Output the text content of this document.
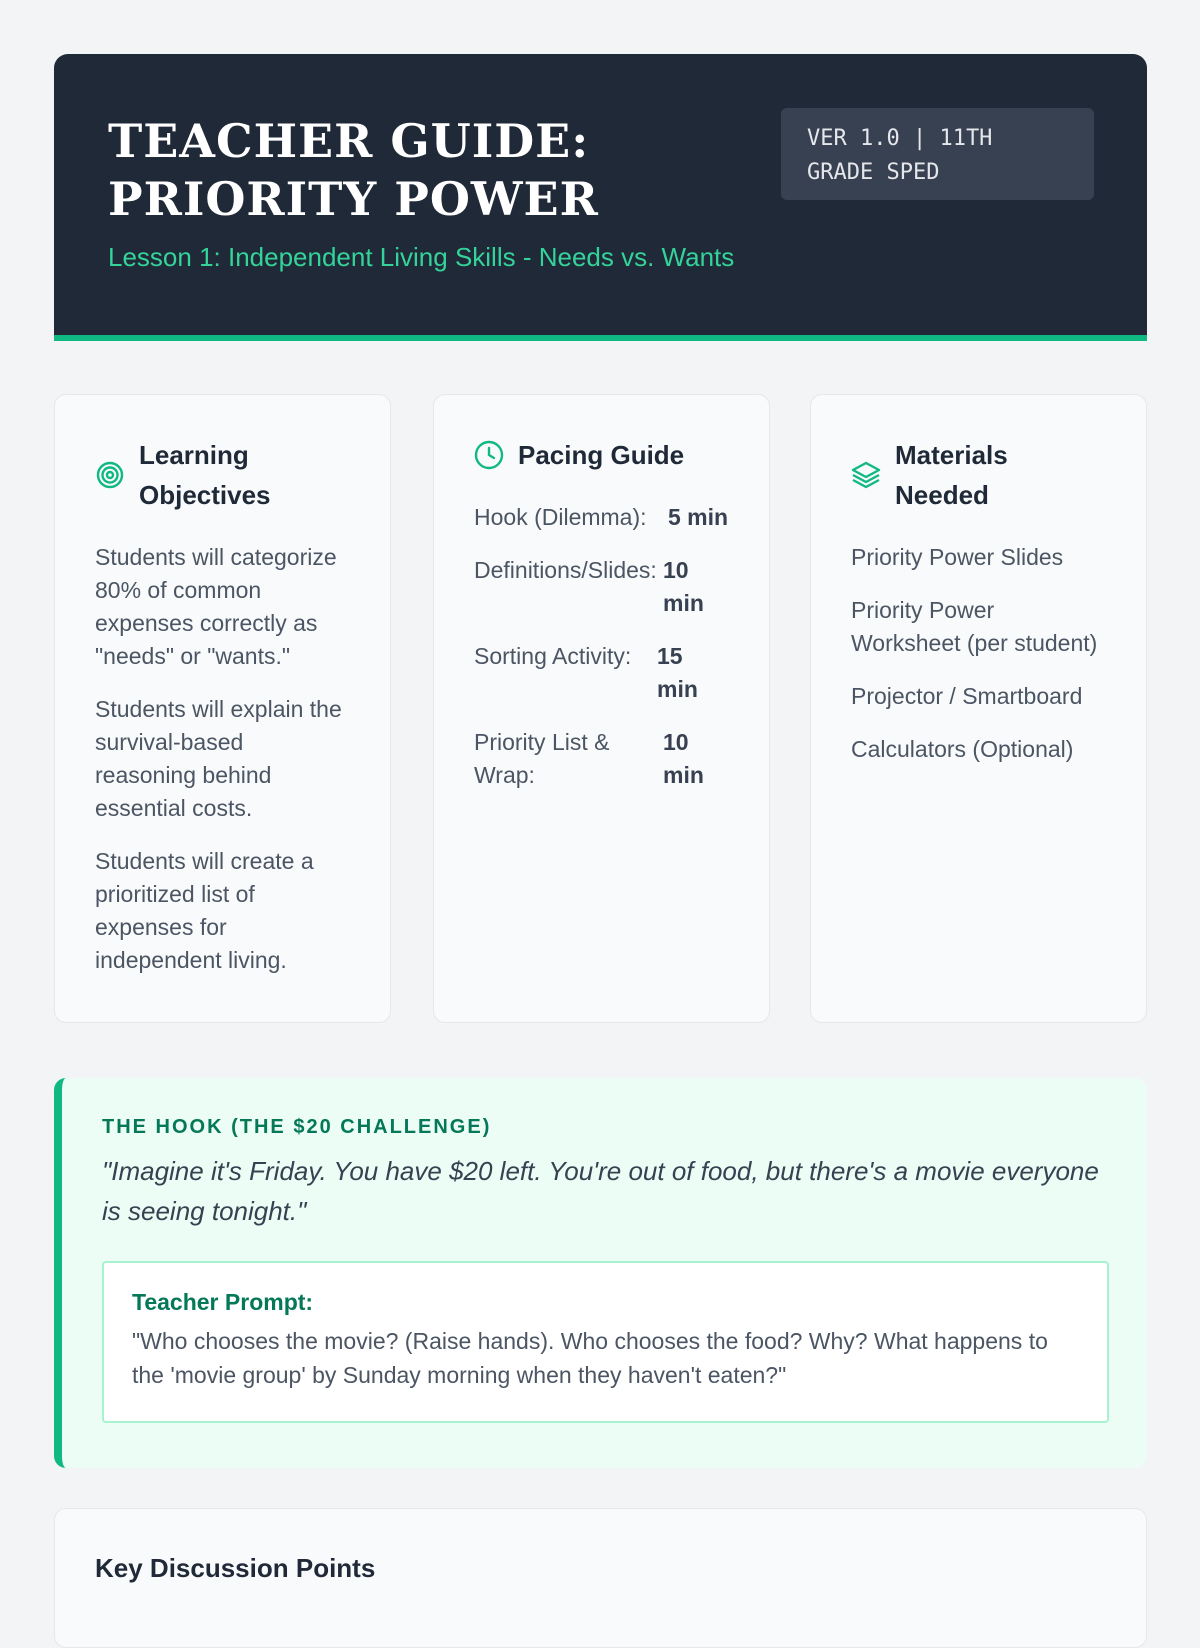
TEACHER GUIDE: PRIORITY POWER
Lesson 1: Independent Living Skills - Needs vs. Wants
VER 1.0 | 11TH GRADE SPED
Learning Objectives

Students will categorize 80% of common expenses correctly as "needs" or "wants."

Students will explain the survival-based reasoning behind essential costs.

Students will create a prioritized list of expenses for independent living.

Pacing Guide
Hook (Dilemma): 5 min
Definitions/Slides: 10 min
Sorting Activity:	15 min
Priority List & Wrap:
10 min
Materials Needed

Priority Power Slides

Priority Power Worksheet (per student)

Projector / Smartboard

Calculators (Optional)

THE HOOK (THE $20 CHALLENGE)
"Imagine it's Friday. You have $20 left. You're out of food, but there's a movie everyone is seeing tonight."
Teacher Prompt:
"Who chooses the movie? (Raise hands). Who chooses the food? Why? What happens to the 'movie group' by Sunday morning when they haven't eaten?"
Key Discussion Points
